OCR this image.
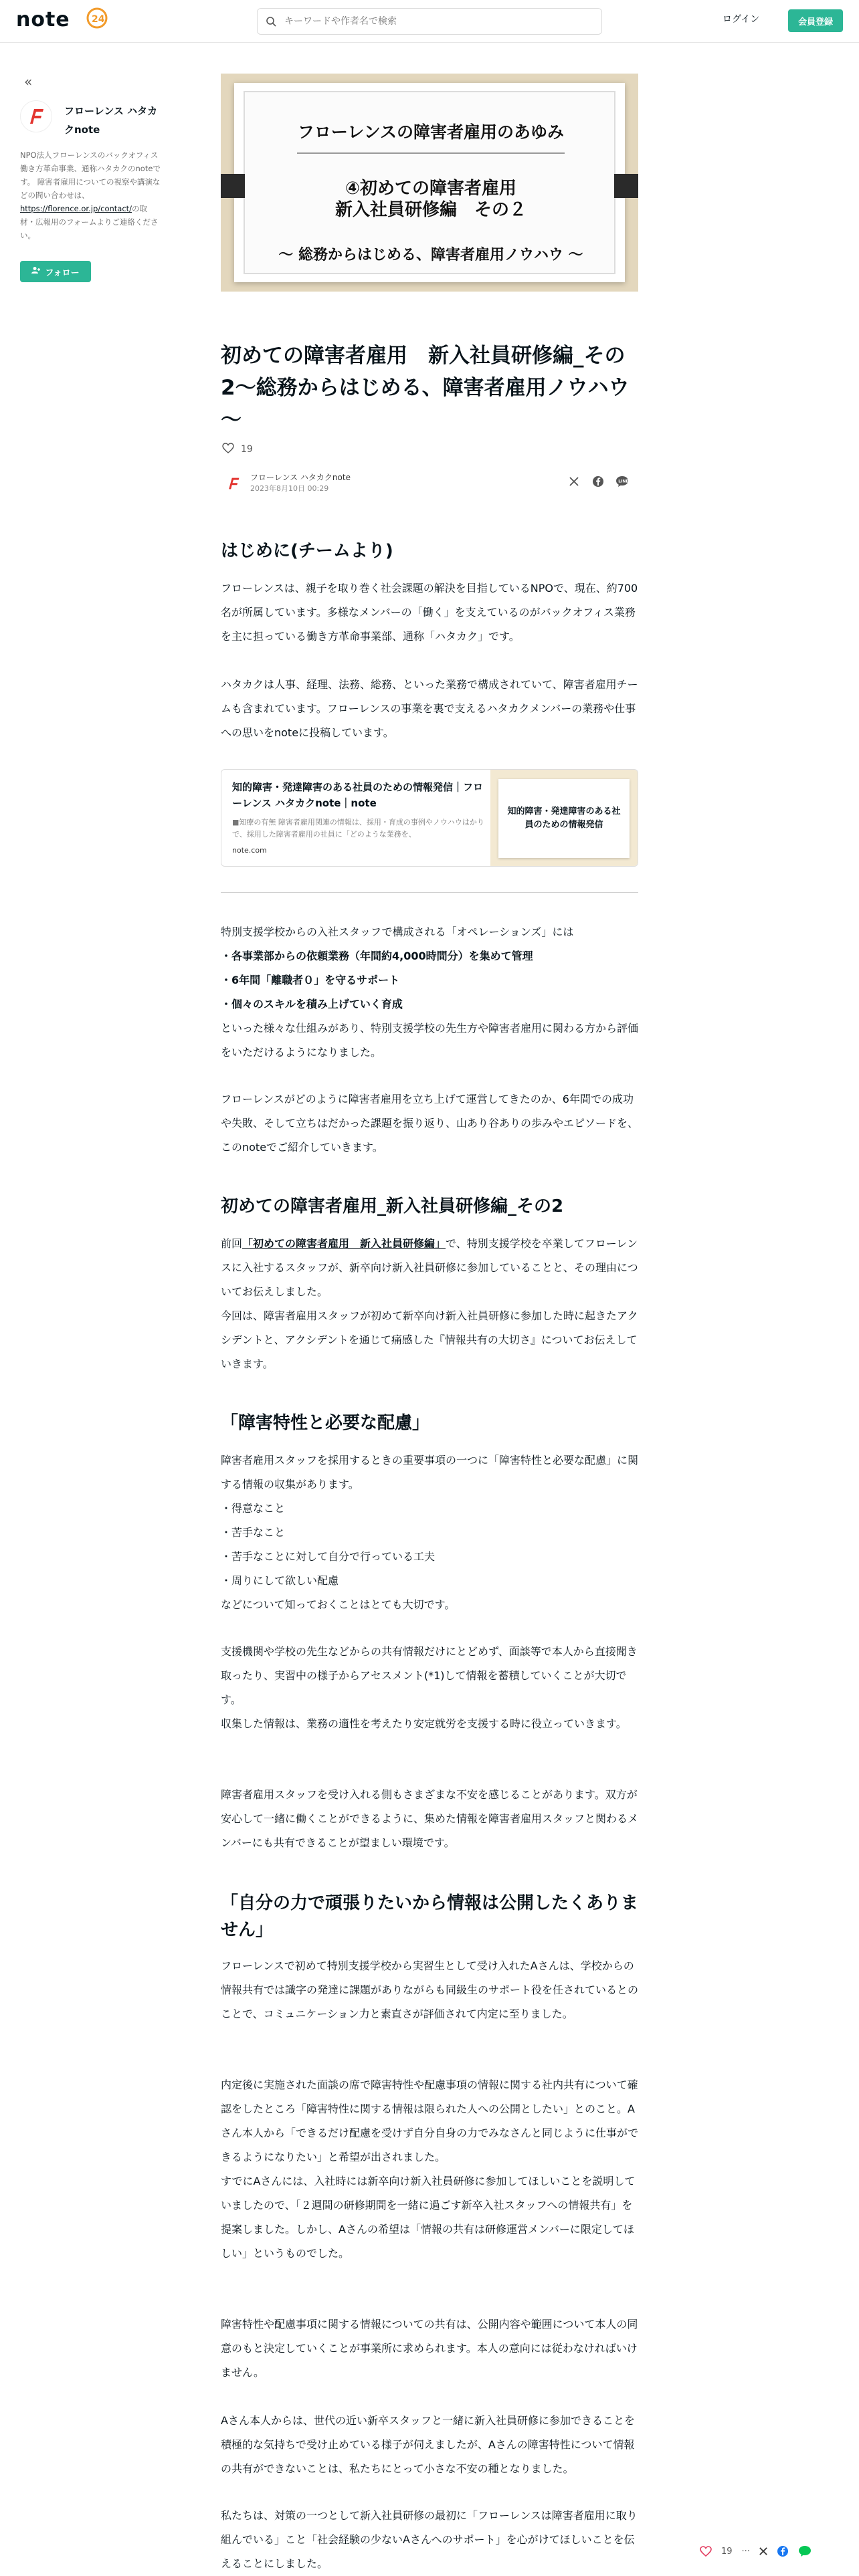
note 24
キーワードや作者名で検索	ログイン	会員登録
«
フローレンス ハタカクnote
NPO法人フローレンスのバックオフィス働き方革命事業、通称ハタカクのnoteです。 障害者雇用についての視察や講演などの問い合わせは、
https://florence.or.jp/contact/の取材・広報用のフォームよりご連絡ください。
フォロー
フローレンスの障害者雇用のあゆみ
④初めての障害者雇用
新入社員研修編　その２
～ 総務からはじめる、障害者雇用ノウハウ ～
初めての障害者雇用　新入社員研修編_その2～総務からはじめる、障害者雇用ノウハウ～
19
フローレンス ハタカクnote
2023年8月10日 00:29
LINE
はじめに(チームより)

フローレンスは、親子を取り巻く社会課題の解決を目指しているNPOで、現在、約700名が所属しています。多様なメンバーの「働く」を支えているのがバックオフィス業務を主に担っている働き方革命事業部、通称「ハタカク」です。

ハタカクは人事、経理、法務、総務、といった業務で構成されていて、障害者雇用チームも含まれています。フローレンスの事業を裏で支えるハタカクメンバーの業務や仕事への思いをnoteに投稿しています。

知的障害・発達障害のある社員のための情報発信｜フローレンス ハタカクnote｜note
■知療の有無 障害者雇用関連の情報は、採用・育成の事例やノウハウはかりで、採用した障害者雇用の社員に「どのような業務を、
note.com
知的障害・発達障害のある社員のための情報発信

特別支援学校からの入社スタッフで構成される「オペレーションズ」には

・各事業部からの依頼業務（年間約4,000時間分）を集めて管理

・6年間「離職者０」を守るサポート

・個々のスキルを積み上げていく育成

といった様々な仕組みがあり、特別支援学校の先生方や障害者雇用に関わる方から評価をいただけるようになりました。

フローレンスがどのように障害者雇用を立ち上げて運営してきたのか、6年間での成功や失敗、そして立ちはだかった課題を振り返り、山あり谷ありの歩みやエピソードを、このnoteでご紹介していきます。

初めての障害者雇用_新入社員研修編_その2

前回「初めての障害者雇用　新入社員研修編」で、特別支援学校を卒業してフローレンスに入社するスタッフが、新卒向け新入社員研修に参加していることと、その理由についてお伝えしました。

今回は、障害者雇用スタッフが初めて新卒向け新入社員研修に参加した時に起きたアクシデントと、アクシデントを通じて痛感した『情報共有の大切さ』についてお伝えしていきます。

「障害特性と必要な配慮」

障害者雇用スタッフを採用するときの重要事項の一つに「障害特性と必要な配慮」に関する情報の収集があります。

・得意なこと

・苦手なこと

・苦手なことに対して自分で行っている工夫

・周りにして欲しい配慮

などについて知っておくことはとても大切です。

支援機関や学校の先生などからの共有情報だけにとどめず、面談等で本人から直接聞き取ったり、実習中の様子からアセスメント(*1)して情報を蓄積していくことが大切です。

収集した情報は、業務の適性を考えたり安定就労を支援する時に役立っていきます。

障害者雇用スタッフを受け入れる側もさまざまな不安を感じることがあります。双方が安心して一緒に働くことができるように、集めた情報を障害者雇用スタッフと関わるメンバーにも共有できることが望ましい環境です。

「自分の力で頑張りたいから情報は公開したくありません」

フローレンスで初めて特別支援学校から実習生として受け入れたAさんは、学校からの情報共有では識字の発達に課題がありながらも同級生のサポート役を任されているとのことで、コミュニケーション力と素直さが評価されて内定に至りました。

内定後に実施された面談の席で障害特性や配慮事項の情報に関する社内共有について確認をしたところ「障害特性に関する情報は限られた人への公開としたい」とのこと。Aさん本人から「できるだけ配慮を受けず自分自身の力でみなさんと同じように仕事ができるようになりたい」と希望が出されました。

すでにAさんには、入社時には新卒向け新入社員研修に参加してほしいことを説明していましたので、「２週間の研修期間を一緒に過ごす新卒入社スタッフへの情報共有」を提案しました。しかし、Aさんの希望は「情報の共有は研修運営メンバーに限定してほしい」というものでした。

障害特性や配慮事項に関する情報についての共有は、公開内容や範囲について本人の同意のもと決定していくことが事業所に求められます。本人の意向には従わなければいけません。

Aさん本人からは、世代の近い新卒スタッフと一緒に新入社員研修に参加できることを積極的な気持ちで受け止めている様子が伺えましたが、Aさんの障害特性について情報の共有ができないことは、私たちにとって小さな不安の種となりました。

私たちは、対策の一つとして新入社員研修の最初に「フローレンスは障害者雇用に取り組んでいる」こと「社会経験の少ないAさんへのサポート」を心がけてほしいことを伝えることにしました。

19 ···
